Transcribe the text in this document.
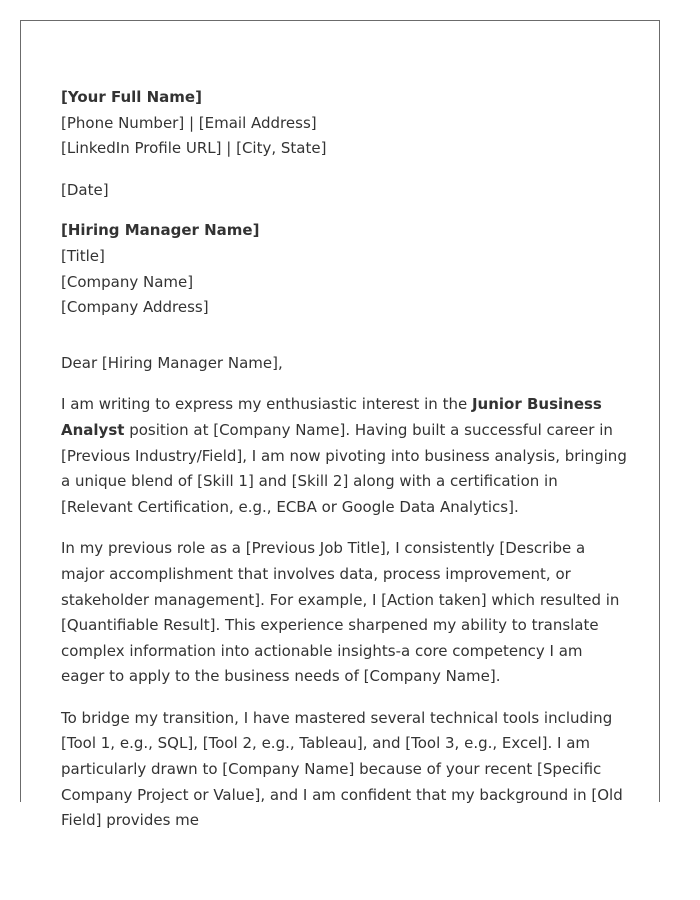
[Your Full Name]
[Phone Number] | [Email Address]
[LinkedIn Profile URL] | [City, State]
[Date]
[Hiring Manager Name]
[Title]
[Company Name]
[Company Address]
Dear [Hiring Manager Name],

I am writing to express my enthusiastic interest in the Junior Business Analyst position at [Company Name]. Having built a successful career in [Previous Industry/Field], I am now pivoting into business analysis, bringing a unique blend of [Skill 1] and [Skill 2] along with a certification in [Relevant Certification, e.g., ECBA or Google Data Analytics].

In my previous role as a [Previous Job Title], I consistently [Describe a major accomplishment that involves data, process improvement, or stakeholder management]. For example, I [Action taken] which resulted in [Quantifiable Result]. This experience sharpened my ability to translate complex information into actionable insights-a core competency I am eager to apply to the business needs of [Company Name].

To bridge my transition, I have mastered several technical tools including [Tool 1, e.g., SQL], [Tool 2, e.g., Tableau], and [Tool 3, e.g., Excel]. I am particularly drawn to [Company Name] because of your recent [Specific Company Project or Value], and I am confident that my background in [Old Field] provides me
